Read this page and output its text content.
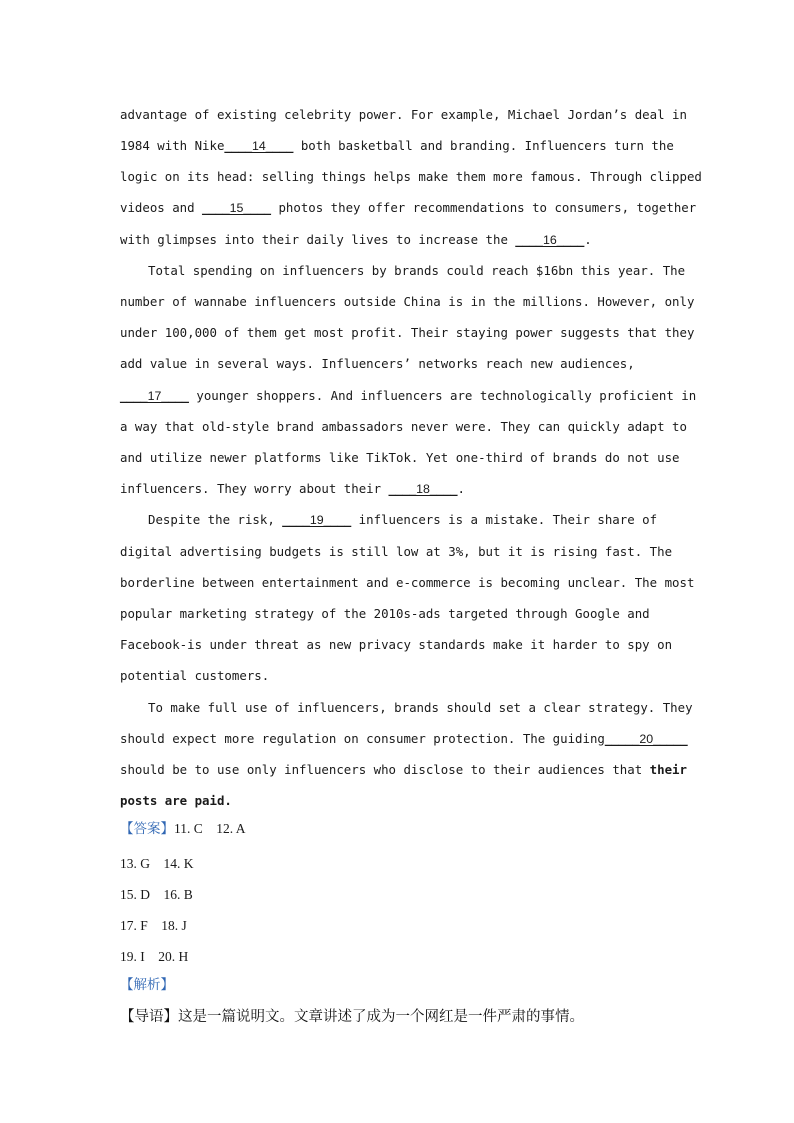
advantage of existing celebrity power. For example, Michael Jordan’s deal in
1984 with Nike____14____ both basketball and branding. Influencers turn the
logic on its head: selling things helps make them more famous. Through clipped
videos and ____15____ photos they offer recommendations to consumers, together
with glimpses into their daily lives to increase the ____16____.
Total spending on influencers by brands could reach $16bn this year. The
number of wannabe influencers outside China is in the millions. However, only
under 100,000 of them get most profit. Their staying power suggests that they
add value in several ways. Influencers’ networks reach new audiences,
____17____ younger shoppers. And influencers are technologically proficient in
a way that old-style brand ambassadors never were. They can quickly adapt to
and utilize newer platforms like TikTok. Yet one-third of brands do not use
influencers. They worry about their ____18____.
Despite the risk, ____19____ influencers is a mistake. Their share of
digital advertising budgets is still low at 3%, but it is rising fast. The
borderline between entertainment and e-commerce is becoming unclear. The most
popular marketing strategy of the 2010s-ads targeted through Google and
Facebook-is under threat as new privacy standards make it harder to spy on
potential customers.
To make full use of influencers, brands should set a clear strategy. They
should expect more regulation on consumer protection. The guiding_____20_____
should be to use only influencers who disclose to their audiences that their
posts are paid.
【答案】11. C    12. A
13. G    14. K
15. D    16. B
17. F    18. J
19. I    20. H
【解析】
【导语】这是一篇说明文。文章讲述了成为一个网红是一件严肃的事情。
